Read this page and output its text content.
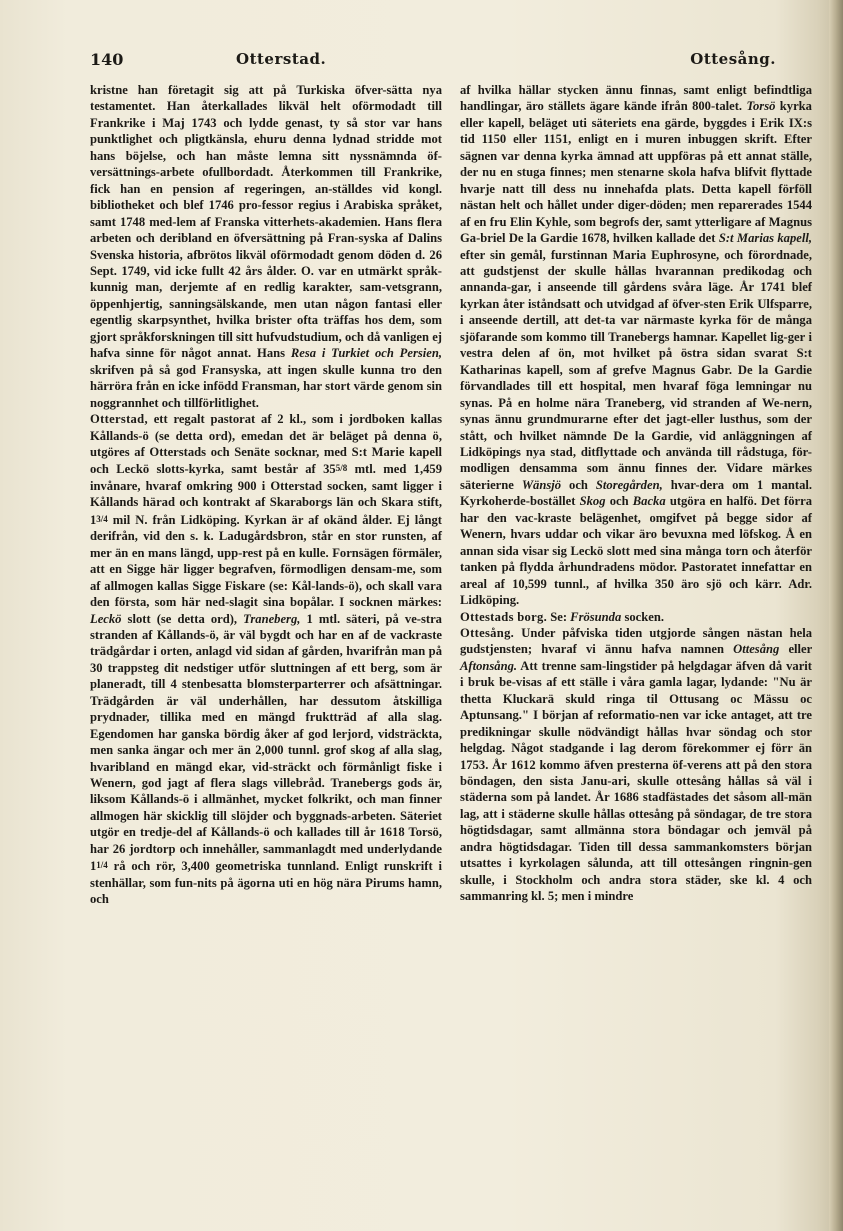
140	Otterstad.	Ottesång.

kristne han företagit sig att på Turkiska öfver-sätta nya testamentet. Han återkallades likväl helt oförmodadt till Frankrike i Maj 1743 och lydde genast, ty så stor var hans punktlighet och pligtkänsla, ehuru denna lydnad stridde mot hans böjelse, och han måste lemna sitt nyssnämnda öf-versättnings-arbete ofullbordadt. Återkommen till Frankrike, fick han en pension af regeringen, an-ställdes vid kongl. bibliotheket och blef 1746 pro-fessor regius i Arabiska språket, samt 1748 med-lem af Franska vitterhets-akademien. Hans flera arbeten och deribland en öfversättning på Fran-syska af Dalins Svenska historia, afbrötos likväl oförmodadt genom döden d. 26 Sept. 1749, vid icke fullt 42 års ålder. O. var en utmärkt språk-kunnig man, derjemte af en redlig karakter, sam-vetsgrann, öppenhjertig, sanningsälskande, men utan någon fantasi eller egentlig skarpsynthet, hvilka brister ofta träffas hos dem, som gjort språkforskningen till sitt hufvudstudium, och då vanligen ej hafva sinne för något annat. Hans Resa i Turkiet och Persien, skrifven på så god Fransyska, att ingen skulle kunna tro den härröra från en icke infödd Fransman, har stort värde genom sin noggrannhet och tillförlitlighet.

Otterstad, ett regalt pastorat af 2 kl., som i jordboken kallas Kållands-ö (se detta ord), emedan det är beläget på denna ö, utgöres af Otterstads och Senäte socknar, med S:t Marie kapell och Leckö slotts-kyrka, samt består af 355/8 mtl. med 1,459 invånare, hvaraf omkring 900 i Otterstad socken, samt ligger i Kållands härad och kontrakt af Skaraborgs län och Skara stift, 13/4 mil N. från Lidköping. Kyrkan är af okänd ålder. Ej långt derifrån, vid den s. k. Ladugårdsbron, står en stor runsten, af mer än en mans längd, upp-rest på en kulle. Fornsägen förmäler, att en Sigge här ligger begrafven, förmodligen densam-me, som af allmogen kallas Sigge Fiskare (se: Kål-lands-ö), och skall vara den första, som här ned-slagit sina bopålar. I socknen märkes: Leckö slott (se detta ord), Traneberg, 1 mtl. säteri, på ve-stra stranden af Kållands-ö, är väl bygdt och har en af de vackraste trädgårdar i orten, anlagd vid sidan af gården, hvarifrån man på 30 trappsteg dit nedstiger utför sluttningen af ett berg, som är planeradt, till 4 stenbesatta blomsterparterrer och afsättningar. Trädgården är väl underhållen, har dessutom åtskilliga prydnader, tillika med en mängd fruktträd af alla slag. Egendomen har ganska bördig åker af god lerjord, vidsträckta, men sanka ängar och mer än 2,000 tunnl. grof skog af alla slag, hvaribland en mängd ekar, vid-sträckt och förmånligt fiske i Wenern, god jagt af flera slags villebråd. Tranebergs gods är, liksom Kållands-ö i allmänhet, mycket folkrikt, och man finner allmogen här skicklig till slöjder och byggnads-arbeten. Säteriet utgör en tredje-del af Kållands-ö och kallades till år 1618 Torsö, har 26 jordtorp och innehåller, sammanlagdt med underlydande 11/4 rå och rör, 3,400 geometriska tunnland. Enligt runskrift i stenhällar, som fun-nits på ägorna uti en hög nära Pirums hamn, och

af hvilka hällar stycken ännu finnas, samt enligt befindtliga handlingar, äro ställets ägare kände ifrån 800-talet. Torsö kyrka eller kapell, beläget uti säteriets ena gärde, byggdes i Erik IX:s tid 1150 eller 1151, enligt en i muren inbuggen skrift. Efter sägnen var denna kyrka ämnad att uppföras på ett annat ställe, der nu en stuga finnes; men stenarne skola hafva blifvit flyttade hvarje natt till dess nu innehafda plats. Detta kapell förföll nästan helt och hållet under diger-döden; men reparerades 1544 af en fru Elin Kyhle, som begrofs der, samt ytterligare af Magnus Ga-briel De la Gardie 1678, hvilken kallade det S:t Marias kapell, efter sin gemål, furstinnan Maria Euphrosyne, och förordnade, att gudstjenst der skulle hållas hvarannan predikodag och annanda-gar, i anseende till gårdens svåra läge. År 1741 blef kyrkan åter iståndsatt och utvidgad af öfver-sten Erik Ulfsparre, i anseende dertill, att det-ta var närmaste kyrka för de många sjöfarande som kommo till Tranebergs hamnar. Kapellet lig-ger i vestra delen af ön, mot hvilket på östra sidan svarat S:t Katharinas kapell, som af grefve Magnus Gabr. De la Gardie förvandlades till ett hospital, men hvaraf föga lemningar nu synas. På en holme nära Traneberg, vid stranden af We-nern, synas ännu grundmurarne efter det jagt-eller lusthus, som der stått, och hvilket nämnde De la Gardie, vid anläggningen af Lidköpings nya stad, ditflyttade och använda till rådstuga, för-modligen densamma som ännu finnes der. Vidare märkes säterierne Wänsjö och Storegården, hvar-dera om 1 mantal. Kyrkoherde-bostället Skog och Backa utgöra en halfö. Det förra har den vac-kraste belägenhet, omgifvet på begge sidor af Wenern, hvars uddar och vikar äro bevuxna med löfskog. Å en annan sida visar sig Leckö slott med sina många torn och återför tanken på flydda århundradens mödor. Pastoratet innefattar en areal af 10,599 tunnl., af hvilka 350 äro sjö och kärr. Adr. Lidköping.

Ottestads borg. Se: Frösunda socken.

Ottesång. Under påfviska tiden utgjorde sången nästan hela gudstjensten; hvaraf vi ännu hafva namnen Ottesång eller Aftonsång. Att trenne sam-lingstider på helgdagar äfven då varit i bruk be-visas af ett ställe i våra gamla lagar, lydande: "Nu är thetta Kluckarä skuld ringa til Ottusang oc Mässu oc Aptunsang." I början af reformatio-nen var icke antaget, att tre predikningar skulle nödvändigt hållas hvar söndag och stor helgdag. Något stadgande i lag derom förekommer ej förr än 1753. År 1612 kommo äfven presterna öf-verens att på den stora böndagen, den sista Janu-ari, skulle ottesång hållas så väl i städerna som på landet. År 1686 stadfästades det såsom all-män lag, att i städerne skulle hållas ottesång på söndagar, de tre stora högtidsdagar, samt allmänna stora böndagar och jemväl på andra högtidsdagar. Tiden till dessa sammankomsters början utsattes i kyrkolagen sålunda, att till ottesången ringnin-gen skulle, i Stockholm och andra stora städer, ske kl. 4 och sammanring kl. 5; men i mindre
